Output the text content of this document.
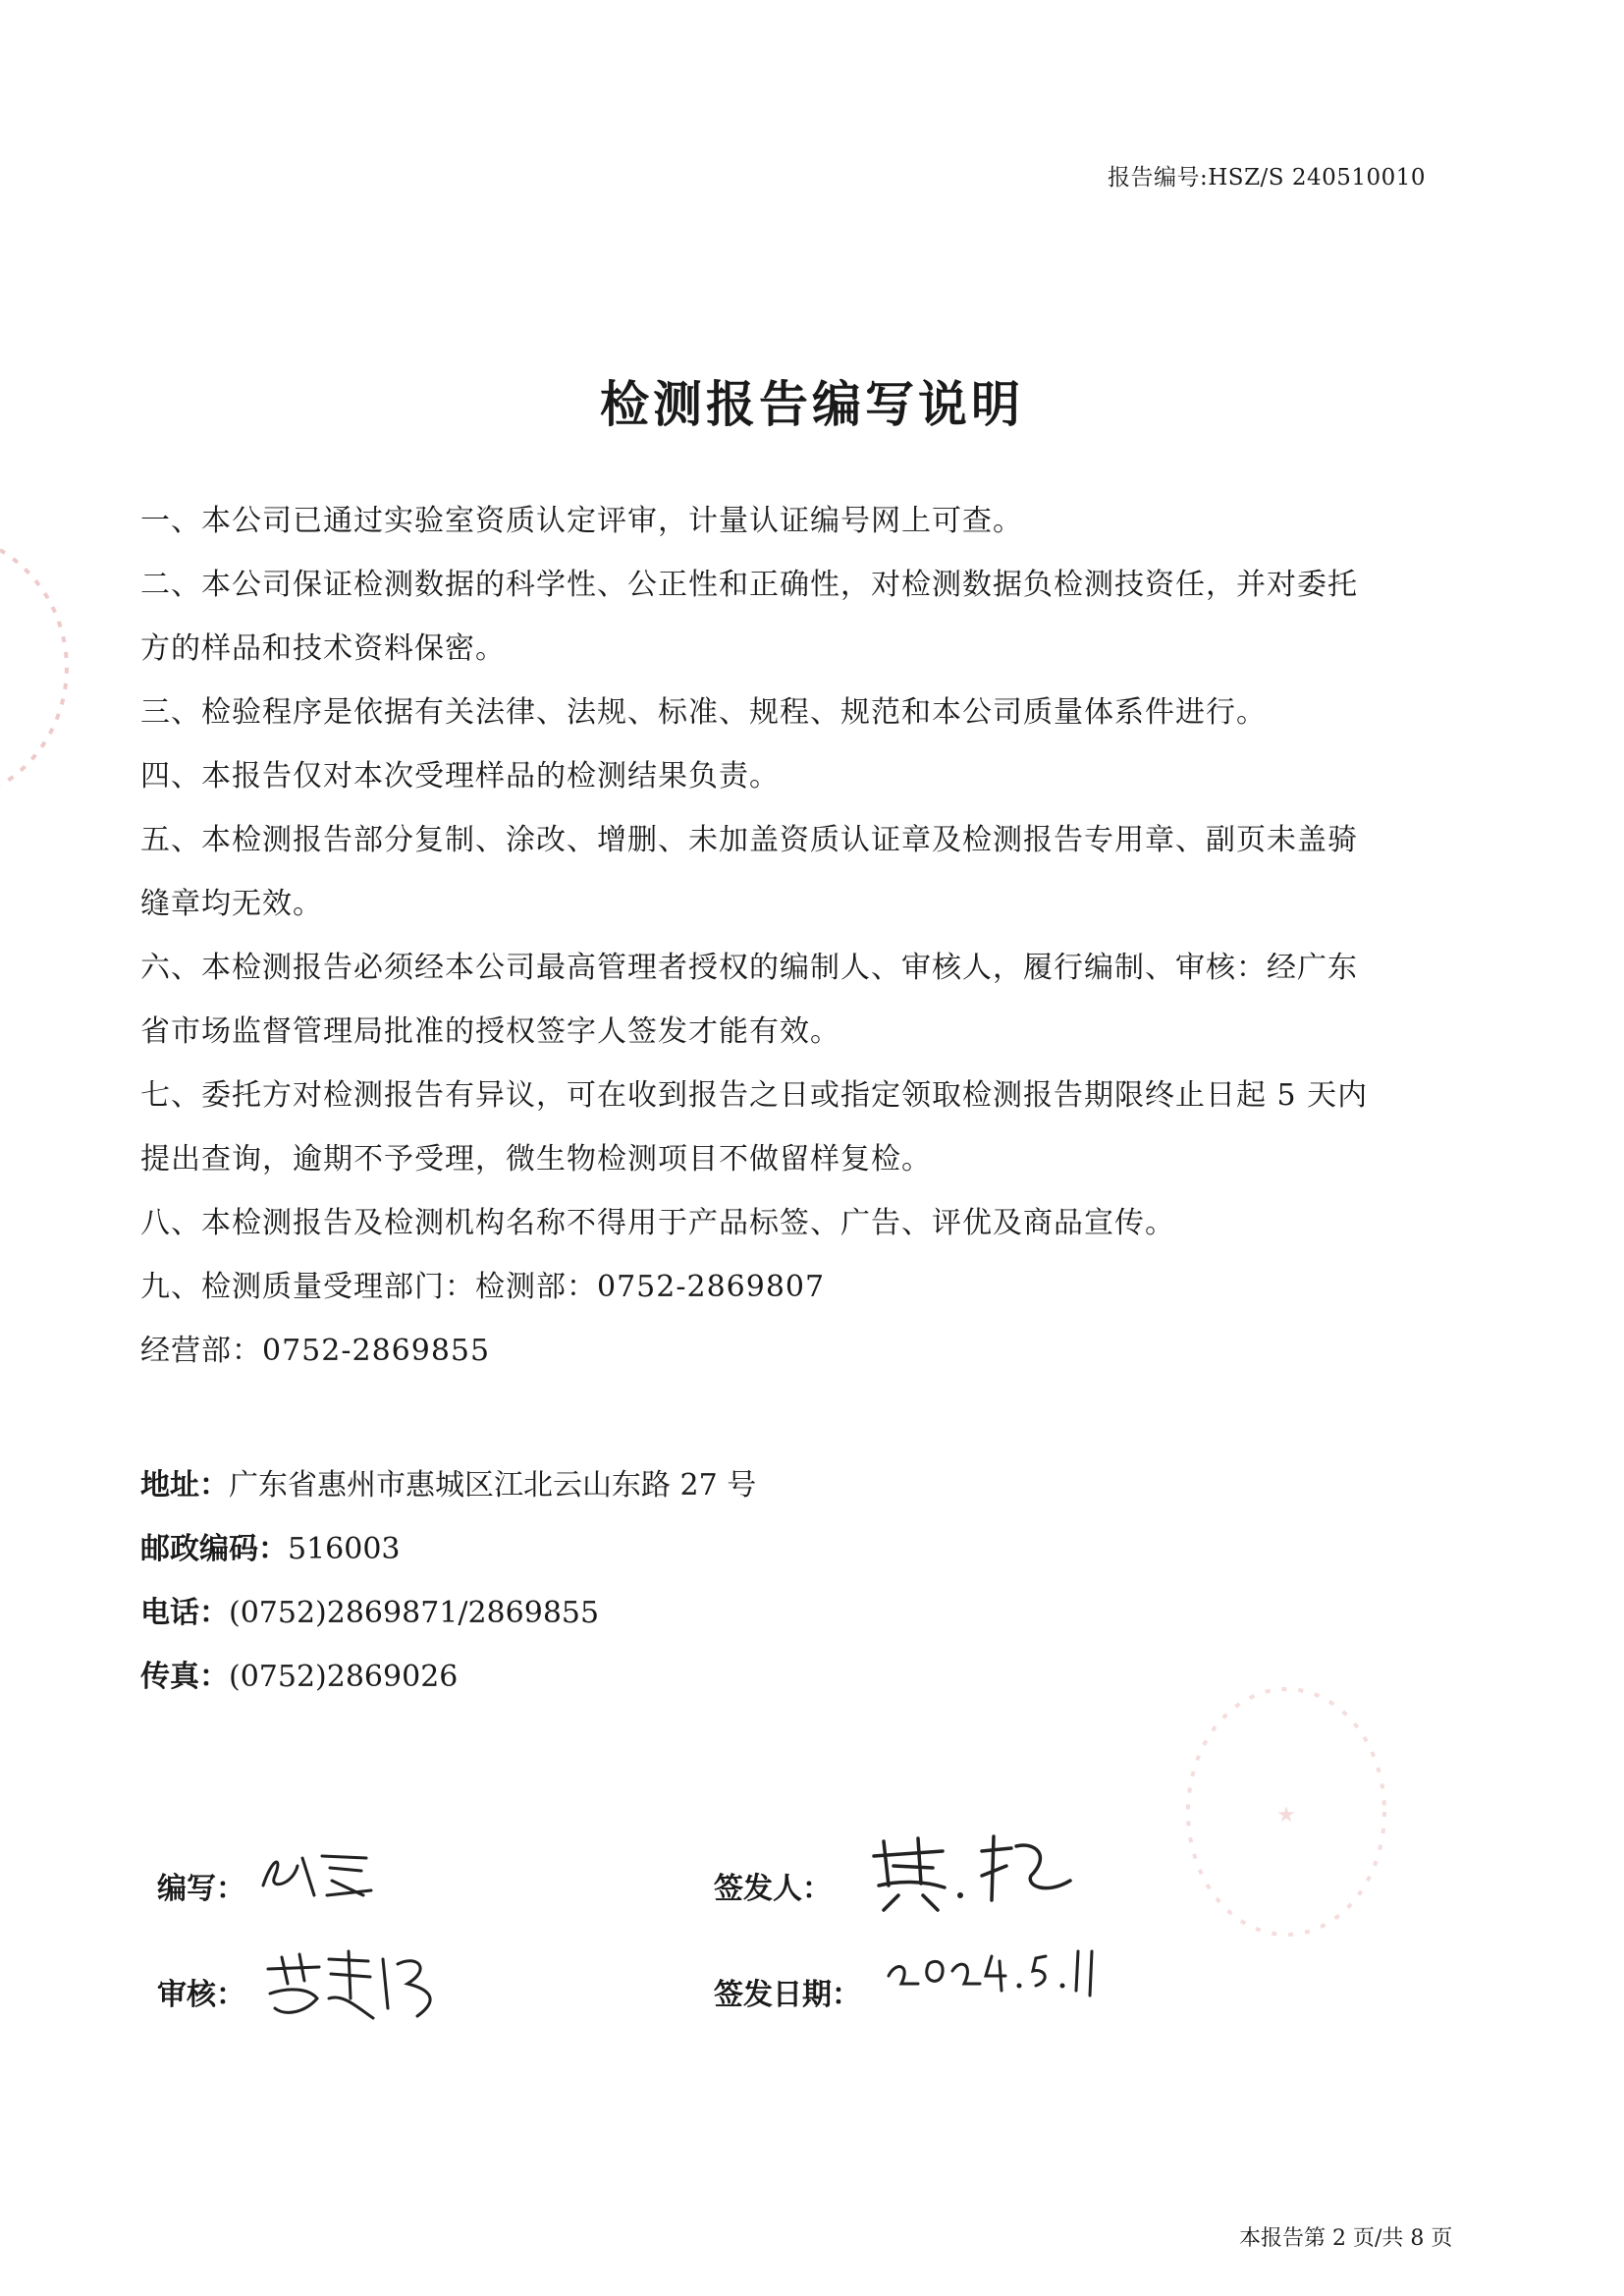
报告编号:HSZ/S 240510010
检测报告编写说明

一、本公司已通过实验室资质认定评审，计量认证编号网上可查。

二、本公司保证检测数据的科学性、公正性和正确性，对检测数据负检测技资任，并对委托

方的样品和技术资料保密。

三、检验程序是依据有关法律、法规、标准、规程、规范和本公司质量体系件进行。

四、本报告仅对本次受理样品的检测结果负责。

五、本检测报告部分复制、涂改、增删、未加盖资质认证章及检测报告专用章、副页未盖骑

缝章均无效。

六、本检测报告必须经本公司最高管理者授权的编制人、审核人，履行编制、审核：经广东

省市场监督管理局批准的授权签字人签发才能有效。

七、委托方对检测报告有异议，可在收到报告之日或指定领取检测报告期限终止日起 5 天内

提出查询，逾期不予受理，微生物检测项目不做留样复检。

八、本检测报告及检测机构名称不得用于产品标签、广告、评优及商品宣传。

九、检测质量受理部门：检测部：0752-2869807

经营部：0752-2869855

地址：广东省惠州市惠城区江北云山东路 27 号

邮政编码：516003

电话：(0752)2869871/2869855

传真：(0752)2869026

编写：
审核：
签发人：
签发日期：
★
本报告第 2 页/共 8 页
